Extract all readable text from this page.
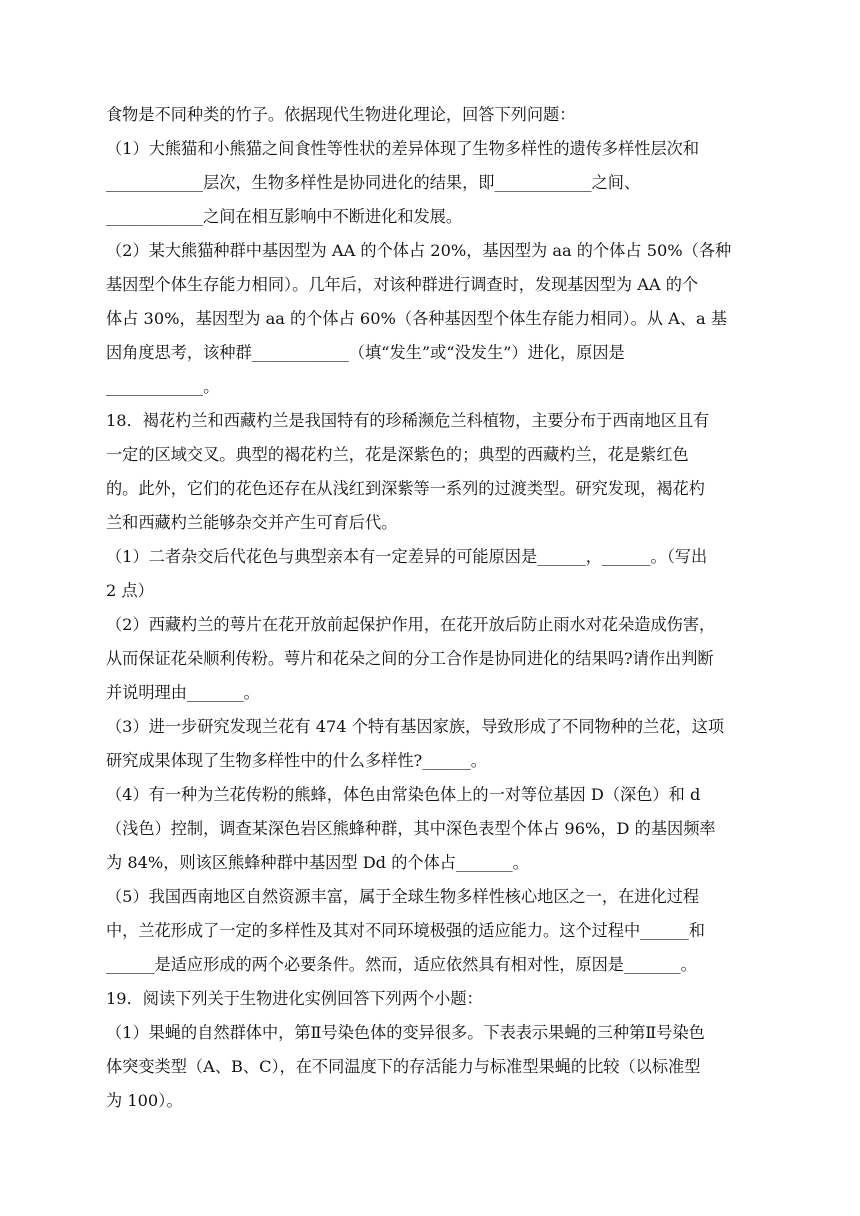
食物是不同种类的竹子。依据现代生物进化理论，回答下列问题：
（1）大熊猫和小熊猫之间食性等性状的差异体现了生物多样性的遗传多样性层次和
____________层次，生物多样性是协同进化的结果，即____________之间、
____________之间在相互影响中不断进化和发展。
（2）某大熊猫种群中基因型为 AA 的个体占 20%，基因型为 aa 的个体占 50%（各种
基因型个体生存能力相同）。几年后，对该种群进行调查时，发现基因型为 AA 的个
体占 30%，基因型为 aa 的个体占 60%（各种基因型个体生存能力相同）。从 A、a 基
因角度思考，该种群____________（填“发生”或“没发生”）进化，原因是
____________。
18．褐花杓兰和西藏杓兰是我国特有的珍稀濒危兰科植物，主要分布于西南地区且有
一定的区域交叉。典型的褐花杓兰，花是深紫色的；典型的西藏杓兰，花是紫红色
的。此外，它们的花色还存在从浅红到深紫等一系列的过渡类型。研究发现，褐花杓
兰和西藏杓兰能够杂交并产生可育后代。
（1）二者杂交后代花色与典型亲本有一定差异的可能原因是______，______。（写出
2 点）
（2）西藏杓兰的萼片在花开放前起保护作用，在花开放后防止雨水对花朵造成伤害，
从而保证花朵顺利传粉。萼片和花朵之间的分工合作是协同进化的结果吗?请作出判断
并说明理由_______。
（3）进一步研究发现兰花有 474 个特有基因家族，导致形成了不同物种的兰花，这项
研究成果体现了生物多样性中的什么多样性?______。
（4）有一种为兰花传粉的熊蜂，体色由常染色体上的一对等位基因 D（深色）和 d
（浅色）控制，调查某深色岩区熊蜂种群，其中深色表型个体占 96%，D 的基因频率
为 84%，则该区熊蜂种群中基因型 Dd 的个体占_______。
（5）我国西南地区自然资源丰富，属于全球生物多样性核心地区之一，在进化过程
中，兰花形成了一定的多样性及其对不同环境极强的适应能力。这个过程中______和
______是适应形成的两个必要条件。然而，适应依然具有相对性，原因是_______。
19．阅读下列关于生物进化实例回答下列两个小题：
（1）果蝇的自然群体中，第Ⅱ号染色体的变异很多。下表表示果蝇的三种第Ⅱ号染色
体突变类型（A、B、C），在不同温度下的存活能力与标准型果蝇的比较（以标准型
为 100）。
